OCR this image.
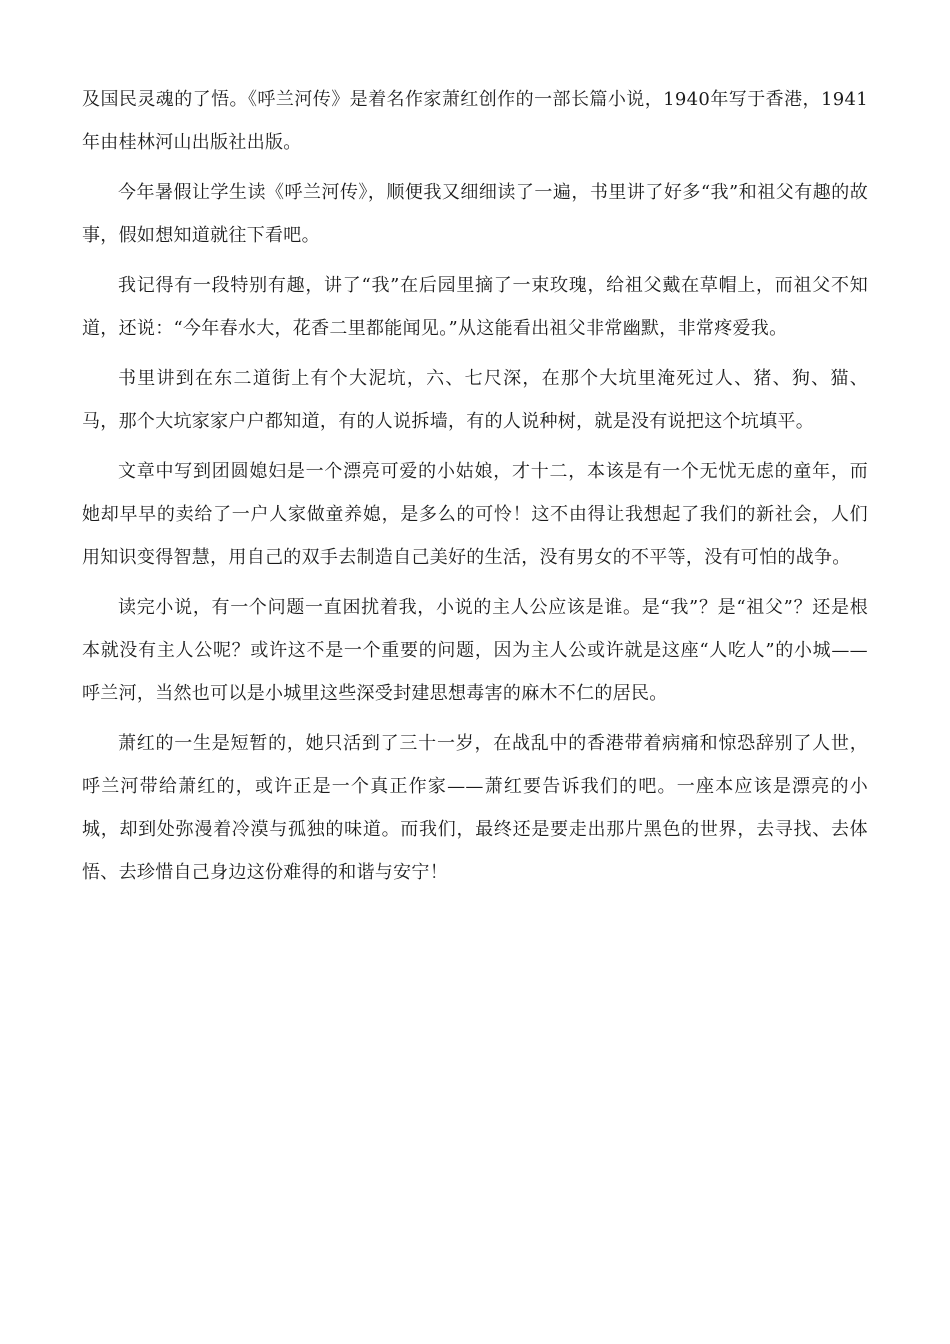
及国民灵魂的了悟。《呼兰河传》是着名作家萧红创作的一部长篇小说，1940年写于香港，1941年由桂林河山出版社出版。

今年暑假让学生读《呼兰河传》，顺便我又细细读了一遍，书里讲了好多“我”和祖父有趣的故事，假如想知道就往下看吧。

我记得有一段特别有趣，讲了“我”在后园里摘了一束玫瑰，给祖父戴在草帽上，而祖父不知道，还说：“今年春水大，花香二里都能闻见。”从这能看出祖父非常幽默，非常疼爱我。

书里讲到在东二道街上有个大泥坑，六、七尺深，在那个大坑里淹死过人、猪、狗、猫、马，那个大坑家家户户都知道，有的人说拆墙，有的人说种树，就是没有说把这个坑填平。

文章中写到团圆媳妇是一个漂亮可爱的小姑娘，才十二，本该是有一个无忧无虑的童年，而她却早早的卖给了一户人家做童养媳，是多么的可怜！这不由得让我想起了我们的新社会，人们用知识变得智慧，用自己的双手去制造自己美好的生活，没有男女的不平等，没有可怕的战争。

读完小说，有一个问题一直困扰着我，小说的主人公应该是谁。是“我”？是“祖父”？还是根本就没有主人公呢？或许这不是一个重要的问题，因为主人公或许就是这座“人吃人”的小城——呼兰河，当然也可以是小城里这些深受封建思想毒害的麻木不仁的居民。

萧红的一生是短暂的，她只活到了三十一岁，在战乱中的香港带着病痛和惊恐辞别了人世，呼兰河带给萧红的，或许正是一个真正作家——萧红要告诉我们的吧。一座本应该是漂亮的小城，却到处弥漫着冷漠与孤独的味道。而我们，最终还是要走出那片黑色的世界，去寻找、去体悟、去珍惜自己身边这份难得的和谐与安宁！
